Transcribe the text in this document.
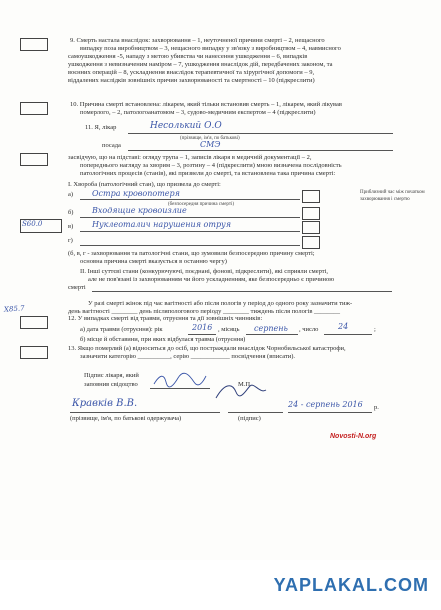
9. Смерть настала внаслідок: захворювання – 1, неуточненої причини смерті – 2, нещасного
випадку поза виробництвом – 3, нещасного випадку у зв'язку з виробництвом – 4, навмисного
самоушкодження -5, нападу з метою убивства чи нанесення ушкодження – 6, випадків
ушкодження з невизначеним наміром – 7, ушкодження внаслідок дій, передбачених законом, та
воєнних операцій – 8, ускладнення внаслідок терапевтичної та хірургічної допомоги – 9,
віддалених наслідків зовнішніх причин захворюваності та смертності – 10 (підкреслити)
10. Причина смерті встановлена: лікарем, який тільки встановив смерть – 1, лікарем, який лікував
померлого, – 2, патологоанатомом – 3, судово-медичним експертом – 4 (підкреслити)
11. Я, лікар	Несолький О.О
(прізвище, ім'я, по батькові)
посада	СМЭ
засвідчую, що на підставі: огляду трупа – 1, записів лікаря в медичній документації – 2,
попереднього нагляду за хворим – 3, розтину – 4 (підкреслити) мною визначена послідовність
патологічних процесів (станів), які призвели до смерті, та встановлена така причина смерті:
І. Хвороба (патологічний стан), що призвела до смерті:
а) Остра кровопотеря
(безпосередня причина смерті)
Приблизний час між початком захворювання і смертю
б) Входящие кровоизлие
в) Нуклеоталич нарушения отруя
г)
S60.0
(б, в, г - захворювання та патологічні стани, що зумовили безпосередню причину смерті;
основна причина смерті вказується в останню чергу)
ІІ. Інші суттєві стани (конкурючуючі, поєднані, фонові, підкреслити), які сприяли смерті,
але не пов'язані із захворюванням чи його ускладненням, яке безпосередньо є причиною
смерті
У разі смерті жінок під час вагітності або після пологів у період до одного року зазначити тиж-
день вагітності ________ день післяпологового періоду ________ тиждень після пологів ________
X85.7
12. У випадках смерті від травми, отруєння та дії зовнішніх чинників:
а) дата травми (отруєння): рік	2016 , місяць серпень , число 24	;
б) місце й обставини, при яких відбулася травма (отруєння)
13. Якщо померлий (а) відноситься до осіб, що постраждали внаслідок Чорнобильської катастрофи,
зазначити категорію __________, серію ____________ посвідчення (вписати).
Підпис лікаря, який
заповнив свідоцтво	М.П.
Кравків В.В.	24 - серпень 2016 р.
(прізвище, ім'я, по батькові одержувача)	(підпис)
Novosti-N.org
YAPLAKAL.COM
